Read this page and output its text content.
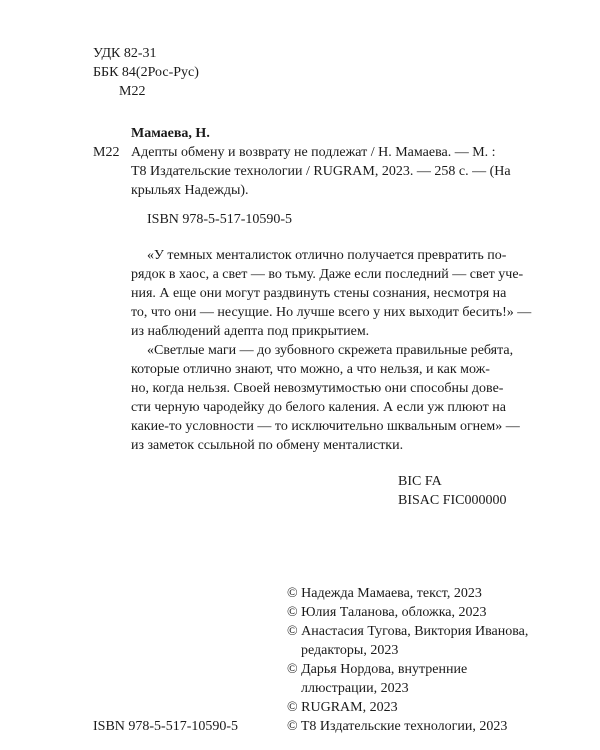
УДК 82-31
ББК 84(2Рос-Рус)
М22
Мамаева, Н.
М22 Адепты обмену и возврату не подлежат / Н. Мамаева. — М. :
T8 Издательские технологии / RUGRAM, 2023. — 258 с. — (На
крыльях Надежды).
ISBN 978-5-517-10590-5
«У темных менталисток отлично получается превратить по-
рядок в хаос, а свет — во тьму. Даже если последний — свет уче-
ния. А еще они могут раздвинуть стены сознания, несмотря на
то, что они — несущие. Но лучше всего у них выходит бесить!» —
из наблюдений адепта под прикрытием.
«Светлые маги — до зубовного скрежета правильные ребята,
которые отлично знают, что можно, а что нельзя, и как мож-
но, когда нельзя. Своей невозмутимостью они способны дове-
сти черную чародейку до белого каления. А если уж плюют на
какие-то условности — то исключительно шквальным огнем» —
из заметок ссыльной по обмену менталистки.
BIC FA
BISAC FIC000000
© Надежда Мамаева, текст, 2023
© Юлия Таланова, обложка, 2023
© Анастасия Тугова, Виктория Иванова,
редакторы, 2023
© Дарья Нордова, внутренние
ллюстрации, 2023
© RUGRAM, 2023
ISBN 978-5-517-10590-5	© T8 Издательские технологии, 2023
